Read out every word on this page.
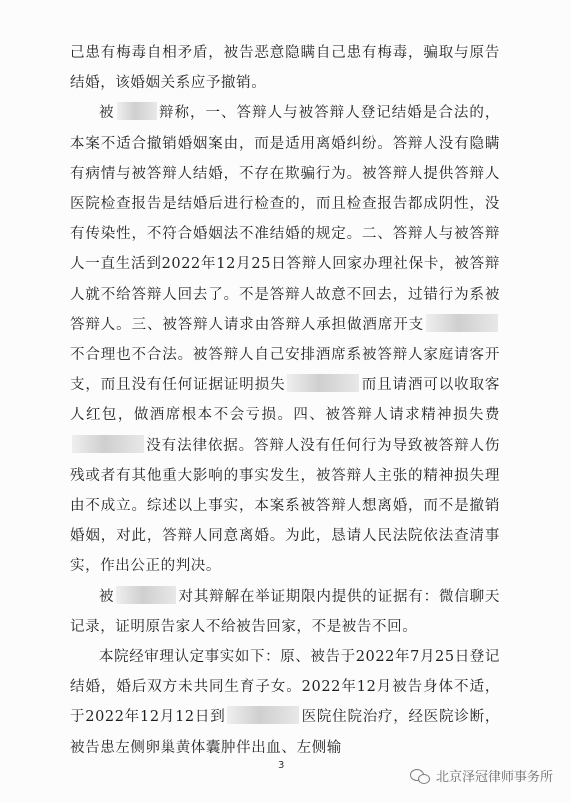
己患有梅毒自相矛盾，被告恶意隐瞒自己患有梅毒，骗取与原告结婚，该婚姻关系应予撤销。

被	辩称，一、答辩人与被答辩人登记结婚是合法的，本案不适合撤销婚姻案由，而是适用离婚纠纷。答辩人没有隐瞒有病情与被答辩人结婚，不存在欺骗行为。被答辩人提供答辩人医院检查报告是结婚后进行检查的，而且检查报告都成阴性，没有传染性，不符合婚姻法不准结婚的规定。二、答辩人与被答辩人一直生活到2022年12月25日答辩人回家办理社保卡，被答辩人就不给答辩人回去了。不是答辩人故意不回去，过错行为系被答辩人。三、被答辩人请求由答辩人承担做酒席开支不合理也不合法。被答辩人自己安排酒席系被答辩人家庭请客开支，而且没有任何证据证明损失	而且请酒可以收取客人红包，做酒席根本不会亏损。四、被答辩人请求精神损失费没有法律依据。答辩人没有任何行为导致被答辩人伤残或者有其他重大影响的事实发生，被答辩人主张的精神损失理由不成立。综述以上事实，本案系被答辩人想离婚，而不是撤销婚姻，对此，答辩人同意离婚。为此，恳请人民法院依法查清事实，作出公正的判决。

被	对其辩解在举证期限内提供的证据有：微信聊天记录，证明原告家人不给被告回家，不是被告不回。

本院经审理认定事实如下：原、被告于2022年7月25日登记结婚，婚后双方未共同生育子女。2022年12月被告身体不适，于2022年12月12日到	医院住院治疗，经医院诊断，被告患左侧卵巢黄体囊肿伴出血、左侧输

3
北京泽冠律师事务所
